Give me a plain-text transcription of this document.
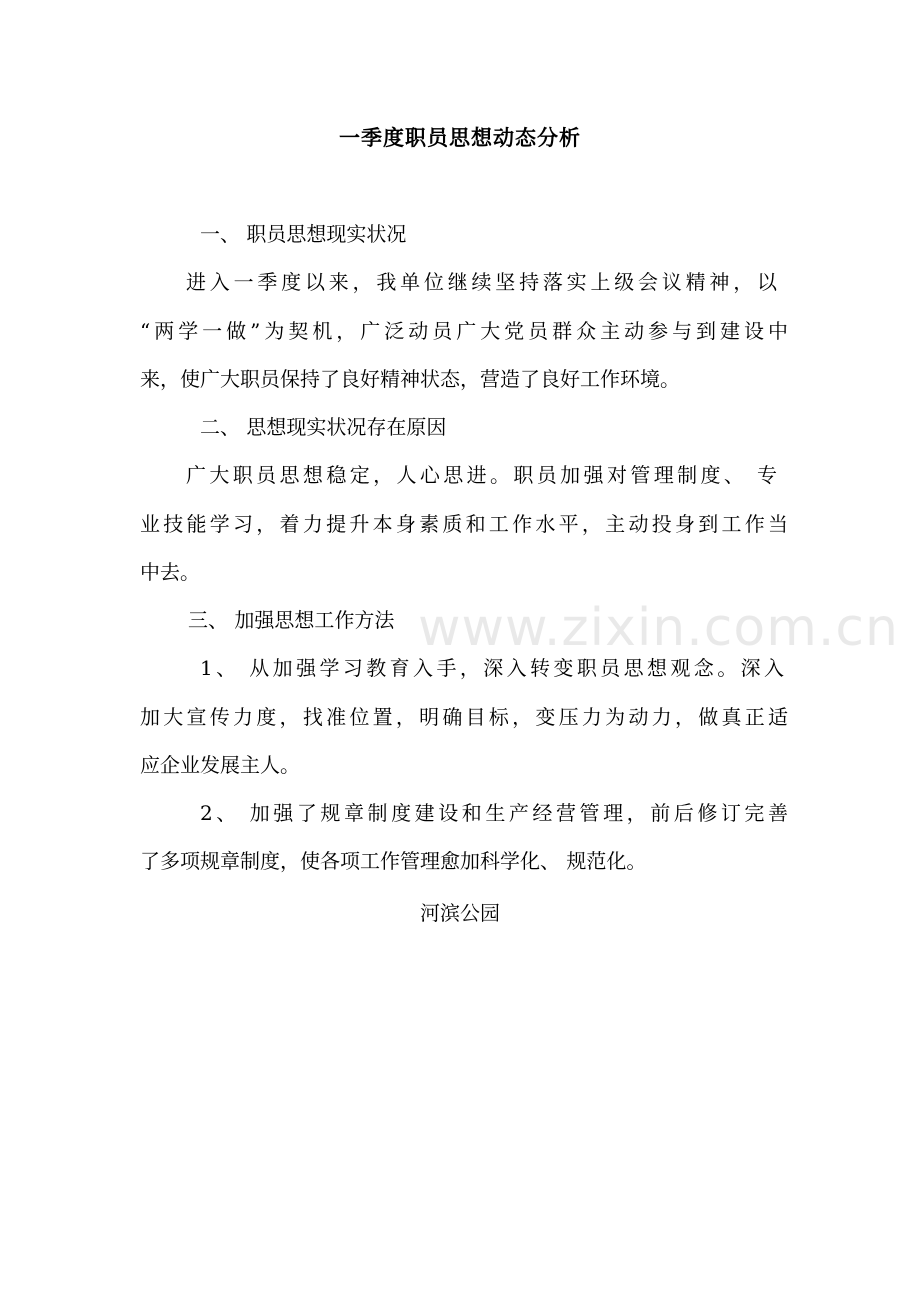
一季度职员思想动态分析
一、 职员思想现实状况
进入一季度以来，我单位继续坚持落实上级会议精神，以
“两学一做”为契机，广泛动员广大党员群众主动参与到建设中
来，使广大职员保持了良好精神状态，营造了良好工作环境。
二、 思想现实状况存在原因
广大职员思想稳定，人心思进。职员加强对管理制度、 专
业技能学习，着力提升本身素质和工作水平，主动投身到工作当
中去。
三、 加强思想工作方法
1、 从加强学习教育入手，深入转变职员思想观念。深入
加大宣传力度，找准位置，明确目标，变压力为动力，做真正适
应企业发展主人。
2、 加强了规章制度建设和生产经营管理，前后修订完善
了多项规章制度，使各项工作管理愈加科学化、 规范化。
河滨公园
www.zixin.com.cn
